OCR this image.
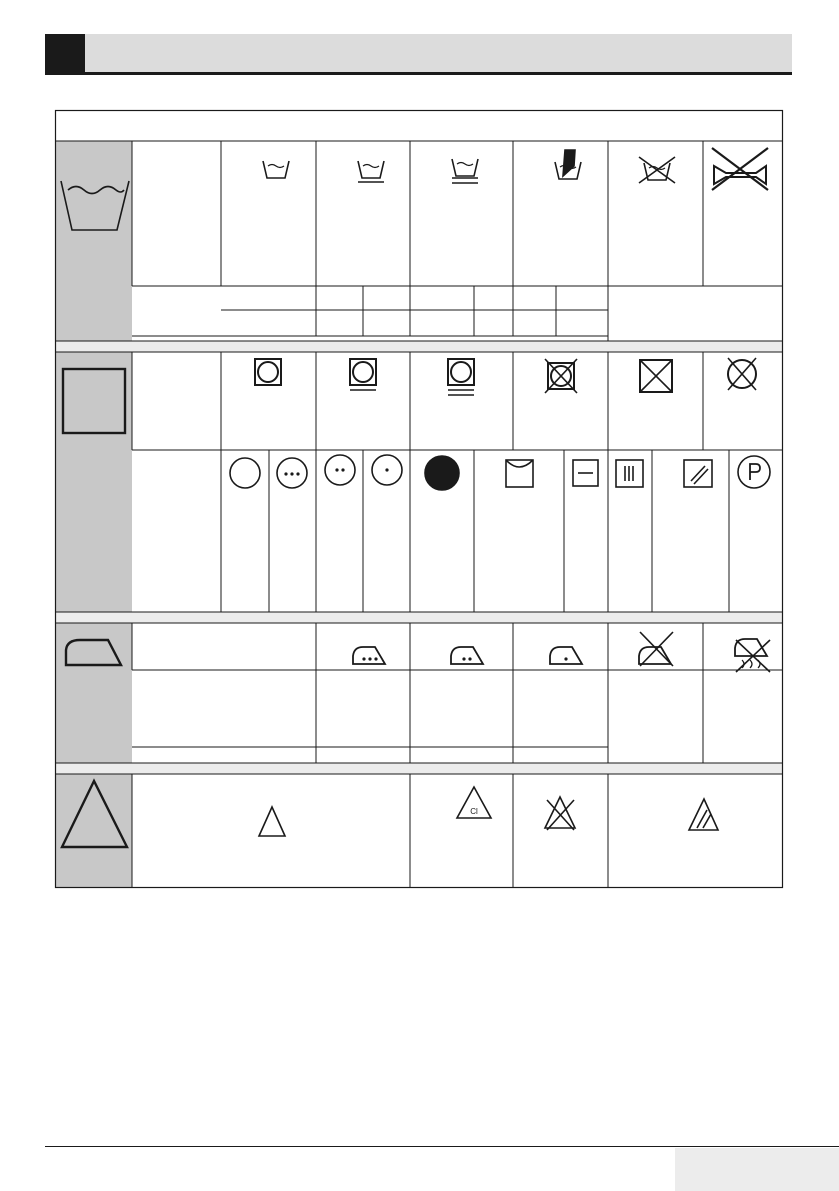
Cl
